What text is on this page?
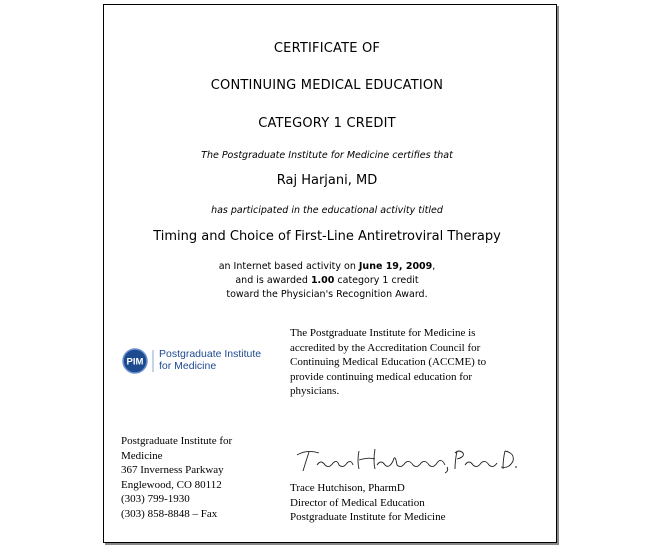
CERTIFICATE OF
CONTINUING MEDICAL EDUCATION
CATEGORY 1 CREDIT
The Postgraduate Institute for Medicine certifies that
Raj Harjani, MD
has participated in the educational activity titled
Timing and Choice of First-Line Antiretroviral Therapy
an Internet based activity on June 19, 2009,
and is awarded 1.00 category 1 credit
toward the Physician's Recognition Award.
PIM
Postgraduate Institute
for Medicine
The Postgraduate Institute for Medicine is
accredited by the Accreditation Council for
Continuing Medical Education (ACCME) to
provide continuing medical education for
physicians.
Postgraduate Institute for
Medicine
367 Inverness Parkway
Englewood, CO 80112
(303) 799-1930
(303) 858-8848 – Fax
Trace Hutchison, PharmD
Director of Medical Education
Postgraduate Institute for Medicine
